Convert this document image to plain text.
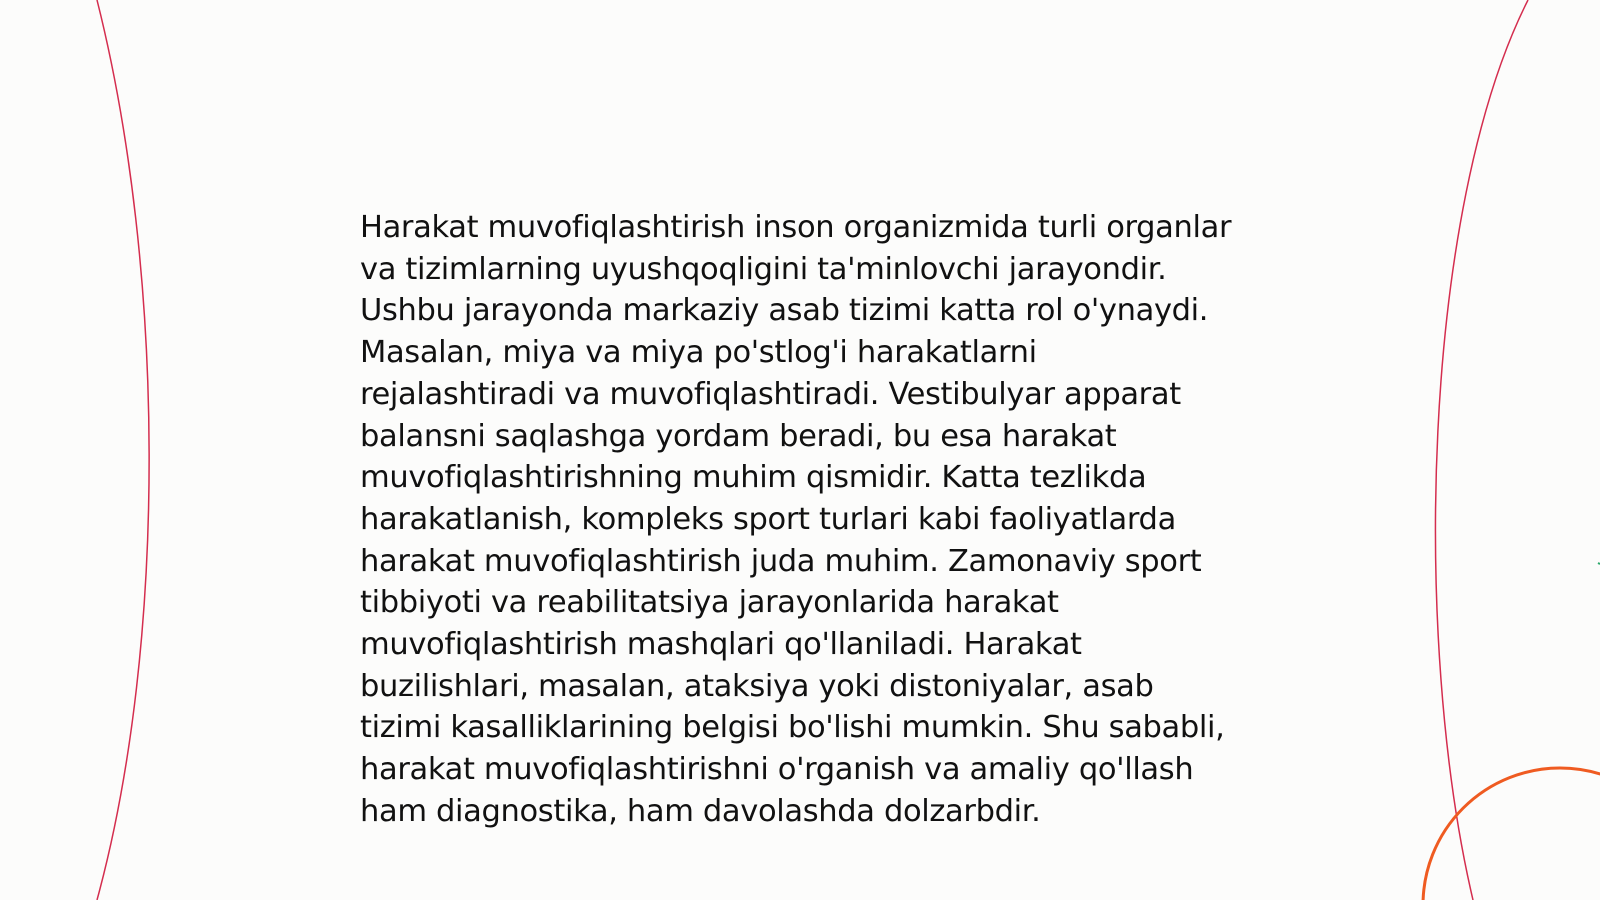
Harakat muvofiqlashtirish inson organizmida turli organlar va tizimlarning uyushqoqligini ta'minlovchi jarayondir. Ushbu jarayonda markaziy asab tizimi katta rol o'ynaydi. Masalan, miya va miya po'stlog'i harakatlarni rejalashtiradi va muvofiqlashtiradi. Vestibulyar apparat balansni saqlashga yordam beradi, bu esa harakat muvofiqlashtirishning muhim qismidir. Katta tezlikda harakatlanish, kompleks sport turlari kabi faoliyatlarda harakat muvofiqlashtirish juda muhim. Zamonaviy sport tibbiyoti va reabilitatsiya jarayonlarida harakat muvofiqlashtirish mashqlari qo'llaniladi. Harakat buzilishlari, masalan, ataksiya yoki distoniyalar, asab tizimi kasalliklarining belgisi bo'lishi mumkin. Shu sababli, harakat muvofiqlashtirishni o'rganish va amaliy qo'llash ham diagnostika, ham davolashda dolzarbdir.
